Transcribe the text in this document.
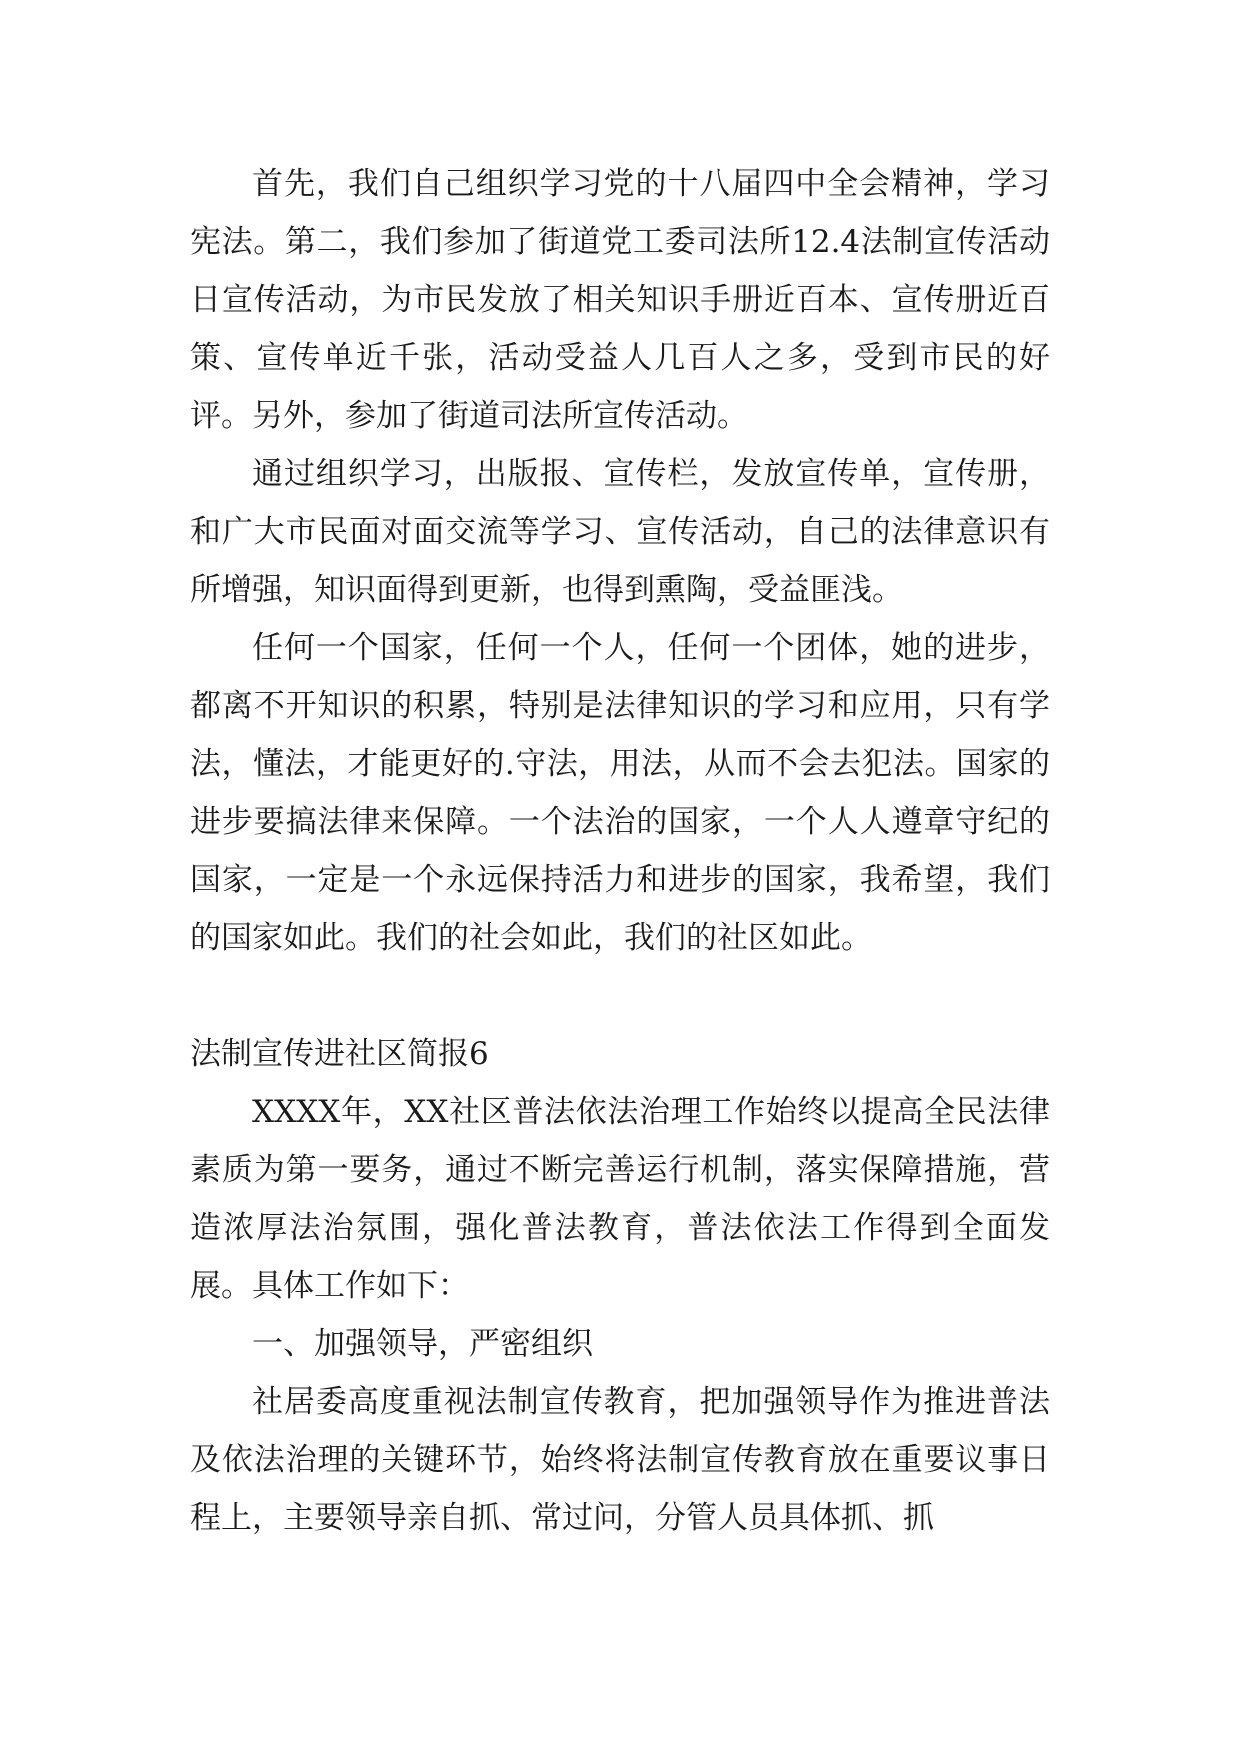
首先，我们自己组织学习党的十八届四中全会精神，学习宪法。第二，我们参加了街道党工委司法所12.4法制宣传活动日宣传活动，为市民发放了相关知识手册近百本、宣传册近百策、宣传单近千张，活动受益人几百人之多，受到市民的好评。另外，参加了街道司法所宣传活动。

通过组织学习，出版报、宣传栏，发放宣传单，宣传册，和广大市民面对面交流等学习、宣传活动，自己的法律意识有所增强，知识面得到更新，也得到熏陶，受益匪浅。

任何一个国家，任何一个人，任何一个团体，她的进步，都离不开知识的积累，特别是法律知识的学习和应用，只有学法，懂法，才能更好的.守法，用法，从而不会去犯法。国家的进步要搞法律来保障。一个法治的国家，一个人人遵章守纪的国家，一定是一个永远保持活力和进步的国家，我希望，我们的国家如此。我们的社会如此，我们的社区如此。

法制宣传进社区简报6

XXXX年，XX社区普法依法治理工作始终以提高全民法律素质为第一要务，通过不断完善运行机制，落实保障措施，营造浓厚法治氛围，强化普法教育，普法依法工作得到全面发展。具体工作如下：

一、加强领导，严密组织

社居委高度重视法制宣传教育，把加强领导作为推进普法及依法治理的关键环节，始终将法制宣传教育放在重要议事日程上，主要领导亲自抓、常过问，分管人员具体抓、抓
